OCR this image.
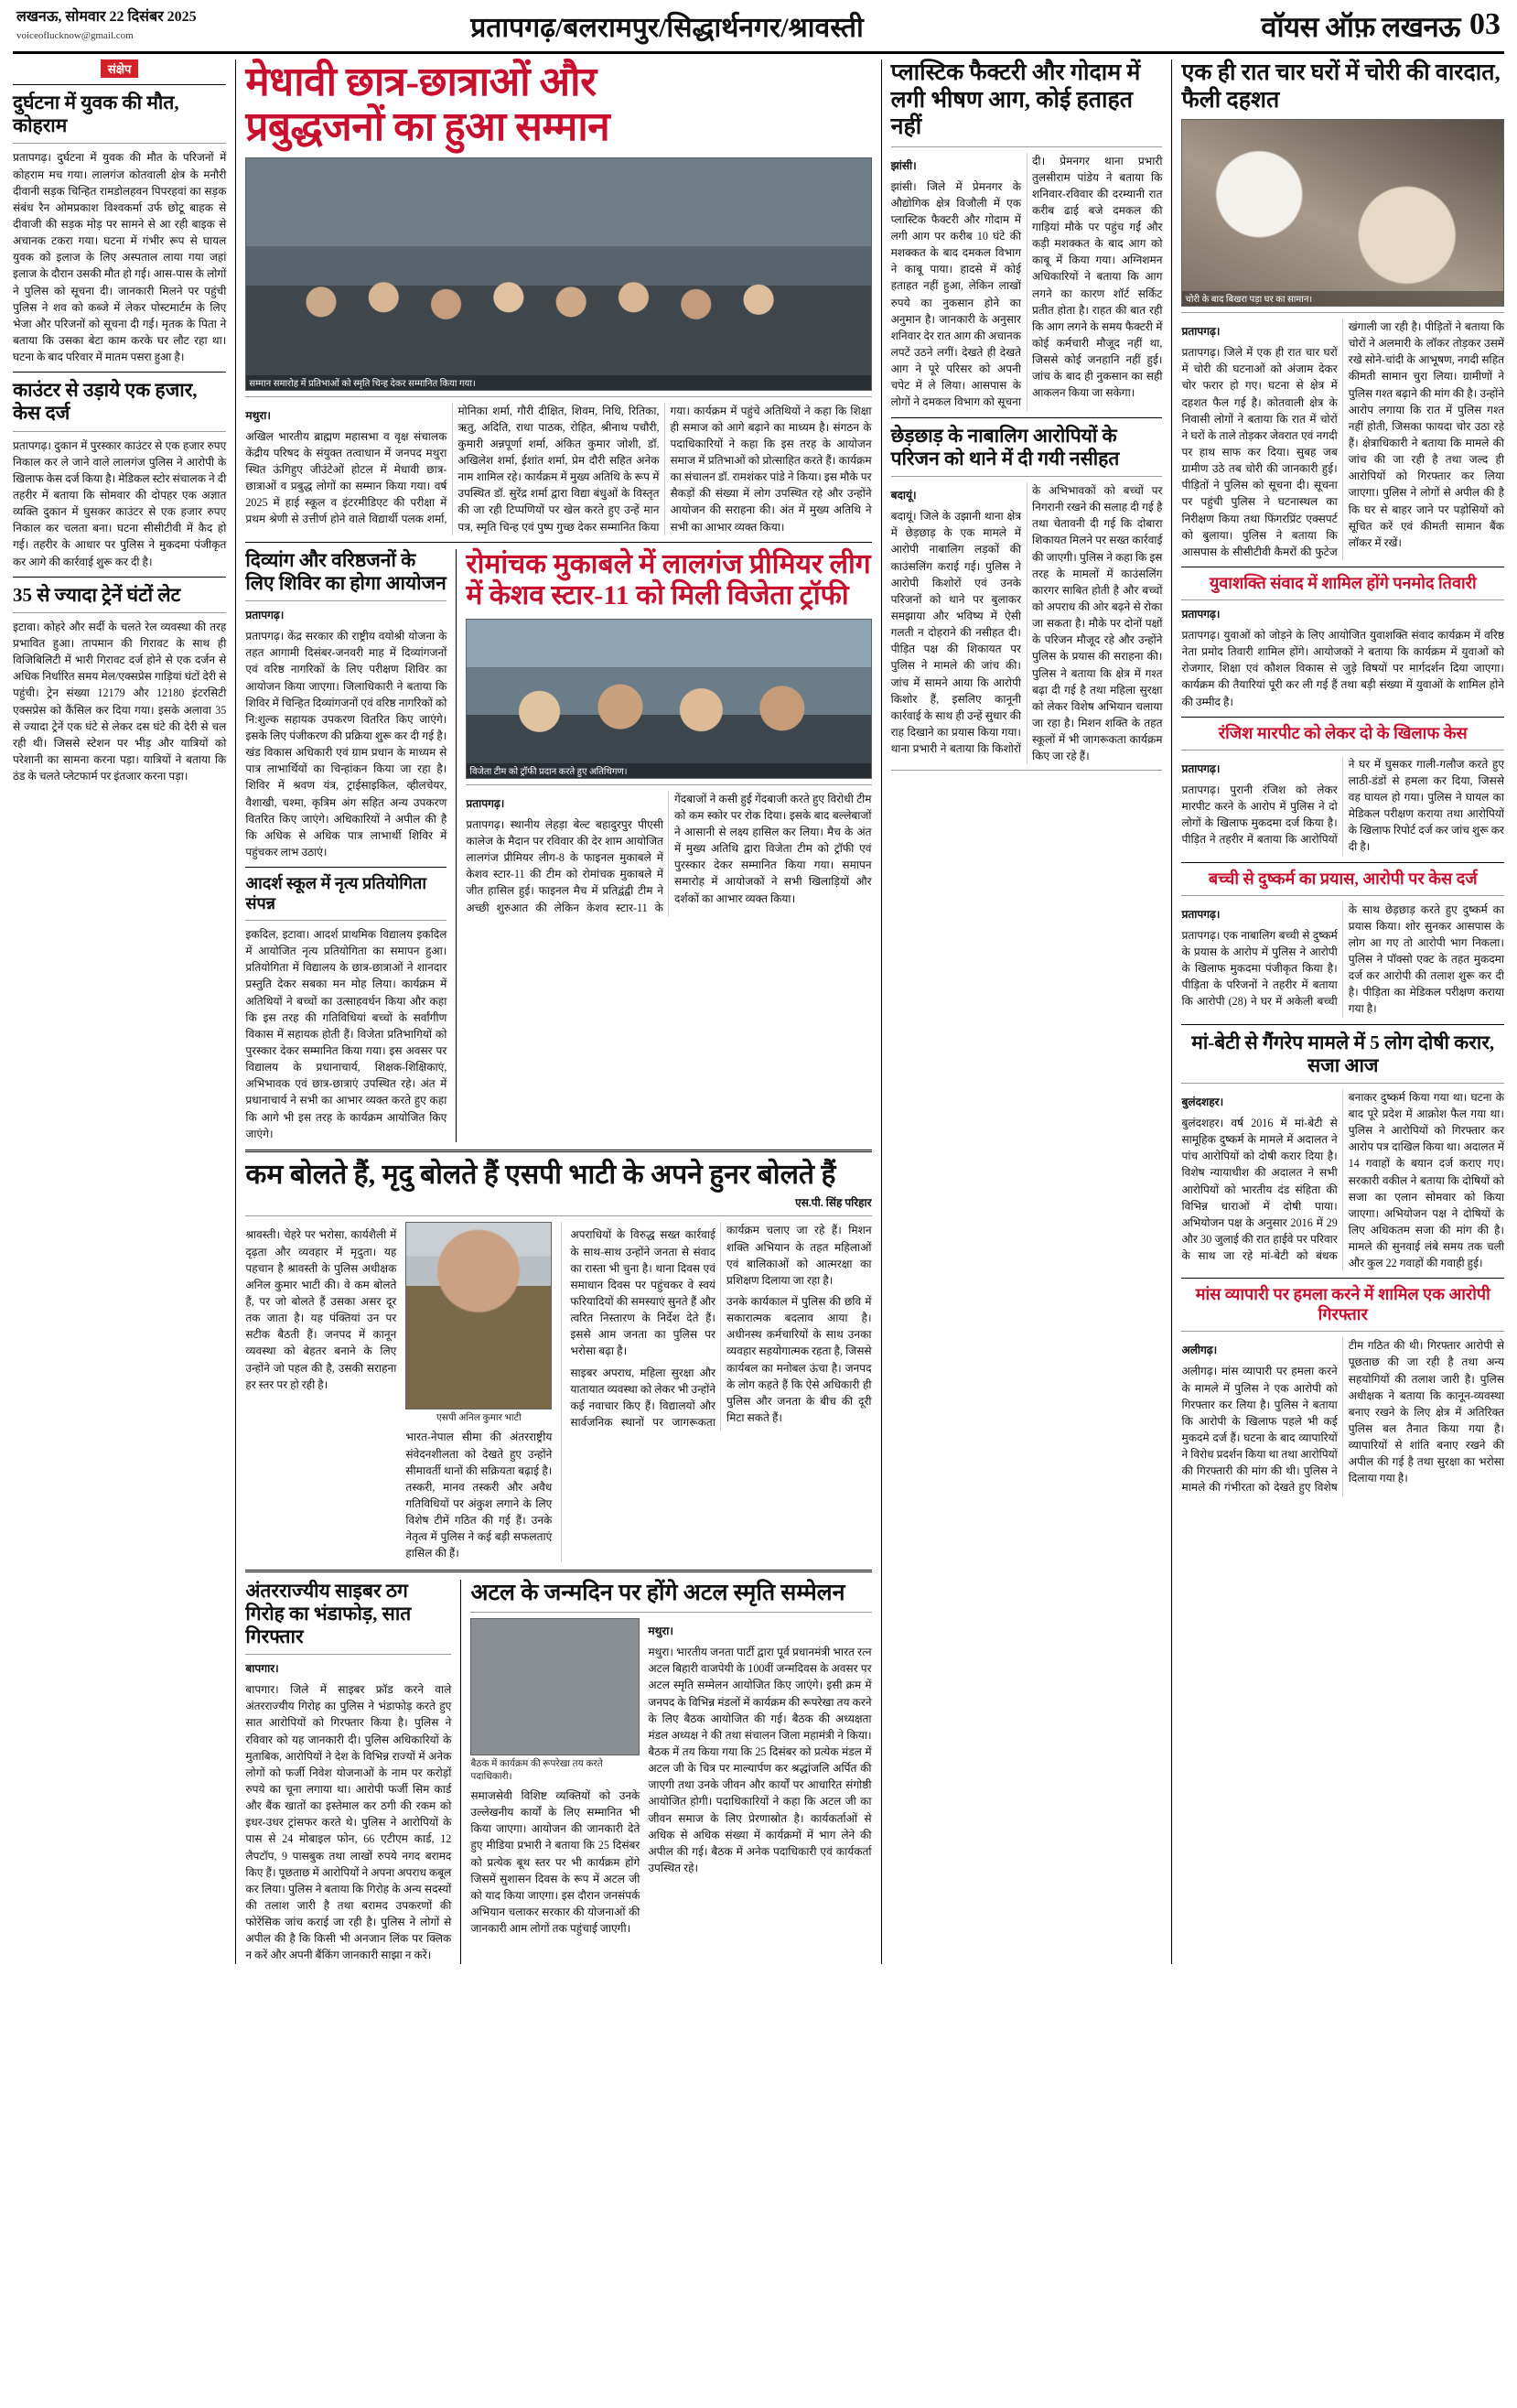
लखनऊ, सोमवार 22 दिसंबर 2025
voiceoflucknow@gmail.com	प्रतापगढ़/बलरामपुर/सिद्धार्थनगर/श्रावस्ती	वॉयस ऑफ़ लखनऊ 03
संक्षेप
दुर्घटना में युवक की मौत, कोहराम
प्रतापगढ़। दुर्घटना में युवक की मौत के परिजनों में कोहराम मच गया। लालगंज कोतवाली क्षेत्र के मनौरी दीवानी सड़क चिन्हित रामडोलहवन पिपरहवां का सड़क संबंध रैन ओमप्रकाश विश्वकर्मा उर्फ छोटू बाहक से दीवाजी की सड़क मोड़ पर सामने से आ रही बाइक से अचानक टकरा गया। घटना में गंभीर रूप से घायल युवक को इलाज के लिए अस्पताल लाया गया जहां इलाज के दौरान उसकी मौत हो गई। आस-पास के लोगों ने पुलिस को सूचना दी। जानकारी मिलने पर पहुंची पुलिस ने शव को कब्जे में लेकर पोस्टमार्टम के लिए भेजा और परिजनों को सूचना दी गई। मृतक के पिता ने बताया कि उसका बेटा काम करके घर लौट रहा था। घटना के बाद परिवार में मातम पसरा हुआ है।
काउंटर से उड़ाये एक हजार, केस दर्ज
प्रतापगढ़। दुकान में पुरस्कार काउंटर से एक हजार रुपए निकाल कर ले जाने वाले लालगंज पुलिस ने आरोपी के खिलाफ केस दर्ज किया है। मेडिकल स्टोर संचालक ने दी तहरीर में बताया कि सोमवार की दोपहर एक अज्ञात व्यक्ति दुकान में घुसकर काउंटर से एक हजार रुपए निकाल कर चलता बना। घटना सीसीटीवी में कैद हो गई। तहरीर के आधार पर पुलिस ने मुकदमा पंजीकृत कर आगे की कार्रवाई शुरू कर दी है।
35 से ज्यादा ट्रेनें घंटों लेट
इटावा। कोहरे और सर्दी के चलते रेल व्यवस्था की तरह प्रभावित हुआ। तापमान की गिरावट के साथ ही विजिबिलिटी में भारी गिरावट दर्ज होने से एक दर्जन से अधिक निर्धारित समय मेल/एक्सप्रेस गाड़ियां घंटों देरी से पहुंची। ट्रेन संख्या 12179 और 12180 इंटरसिटी एक्सप्रेस को कैंसिल कर दिया गया। इसके अलावा 35 से ज्यादा ट्रेनें एक घंटे से लेकर दस घंटे की देरी से चल रही थी। जिससे स्टेशन पर भीड़ और यात्रियों को परेशानी का सामना करना पड़ा। यात्रियों ने बताया कि ठंड के चलते प्लेटफार्म पर इंतजार करना पड़ा।
मेधावी छात्र-छात्राओं और
प्रबुद्धजनों का हुआ सम्मान
सम्मान समारोह में प्रतिभाओं को स्मृति चिन्ह देकर सम्मानित किया गया।
मथुरा।
अखिल भारतीय ब्राह्मण महासभा व वृक्ष संचालक केंद्रीय परिषद के संयुक्त तत्वाधान में जनपद मथुरा स्थित ऊंगिहुए जीउंटेओं होटल में मेधावी छात्र-छात्राओं व प्रबुद्ध लोगों का सम्मान किया गया। वर्ष 2025 में हाई स्कूल व इंटरमीडिएट की परीक्षा में प्रथम श्रेणी से उत्तीर्ण होने वाले विद्यार्थी पलक शर्मा, मोनिका शर्मा, गौरी दीक्षित, शिवम, निधि, रितिका, ऋतु, अदिति, राधा पाठक, रोहित, श्रीनाथ पचौरी, कुमारी अन्नपूर्णा शर्मा, अंकित कुमार जोशी, डॉ. अखिलेश शर्मा, ईशांत शर्मा, प्रेम दौरी सहित अनेक नाम शामिल रहे। कार्यक्रम में मुख्य अतिथि के रूप में उपस्थित डॉ. सुरेंद्र शर्मा द्वारा विद्या बंधुओं के विस्तृत की जा रही टिप्पणियों पर खेल करते हुए उन्हें मान पत्र, स्मृति चिन्ह एवं पुष्प गुच्छ देकर सम्मानित किया गया। कार्यक्रम में पहुंचे अतिथियों ने कहा कि शिक्षा ही समाज को आगे बढ़ाने का माध्यम है। संगठन के पदाधिकारियों ने कहा कि इस तरह के आयोजन समाज में प्रतिभाओं को प्रोत्साहित करते हैं। कार्यक्रम का संचालन डॉ. रामशंकर पांडे ने किया। इस मौके पर सैकड़ों की संख्या में लोग उपस्थित रहे और उन्होंने आयोजन की सराहना की। अंत में मुख्य अतिथि ने सभी का आभार व्यक्त किया।
दिव्यांग और वरिष्ठजनों के लिए शिविर का होगा आयोजन
प्रतापगढ़।
प्रतापगढ़। केंद्र सरकार की राष्ट्रीय वयोश्री योजना के तहत आगामी दिसंबर-जनवरी माह में दिव्यांगजनों एवं वरिष्ठ नागरिकों के लिए परीक्षण शिविर का आयोजन किया जाएगा। जिलाधिकारी ने बताया कि शिविर में चिन्हित दिव्यांगजनों एवं वरिष्ठ नागरिकों को नि:शुल्क सहायक उपकरण वितरित किए जाएंगे। इसके लिए पंजीकरण की प्रक्रिया शुरू कर दी गई है। खंड विकास अधिकारी एवं ग्राम प्रधान के माध्यम से पात्र लाभार्थियों का चिन्हांकन किया जा रहा है। शिविर में श्रवण यंत्र, ट्राईसाइकिल, व्हीलचेयर, वैशाखी, चश्मा, कृत्रिम अंग सहित अन्य उपकरण वितरित किए जाएंगे। अधिकारियों ने अपील की है कि अधिक से अधिक पात्र लाभार्थी शिविर में पहुंचकर लाभ उठाएं।
आदर्श स्कूल में नृत्य प्रतियोगिता संपन्न
इकदिल, इटावा। आदर्श प्राथमिक विद्यालय इकदिल में आयोजित नृत्य प्रतियोगिता का समापन हुआ। प्रतियोगिता में विद्यालय के छात्र-छात्राओं ने शानदार प्रस्तुति देकर सबका मन मोह लिया। कार्यक्रम में अतिथियों ने बच्चों का उत्साहवर्धन किया और कहा कि इस तरह की गतिविधियां बच्चों के सर्वांगीण विकास में सहायक होती हैं। विजेता प्रतिभागियों को पुरस्कार देकर सम्मानित किया गया। इस अवसर पर विद्यालय के प्रधानाचार्य, शिक्षक-शिक्षिकाएं, अभिभावक एवं छात्र-छात्राएं उपस्थित रहे। अंत में प्रधानाचार्य ने सभी का आभार व्यक्त करते हुए कहा कि आगे भी इस तरह के कार्यक्रम आयोजित किए जाएंगे।
रोमांचक मुकाबले में लालगंज प्रीमियर लीग
में केशव स्टार-11 को मिली विजेता ट्रॉफी
विजेता टीम को ट्रॉफी प्रदान करते हुए अतिथिगण।
प्रतापगढ़।
प्रतापगढ़। स्थानीय लेहड़ा बेल्ट बहादुरपुर पीएसी कालेज के मैदान पर रविवार की देर शाम आयोजित लालगंज प्रीमियर लीग-8 के फाइनल मुकाबले में केशव स्टार-11 की टीम को रोमांचक मुकाबले में जीत हासिल हुई। फाइनल मैच में प्रतिद्वंद्वी टीम ने अच्छी शुरुआत की लेकिन केशव स्टार-11 के गेंदबाजों ने कसी हुई गेंदबाजी करते हुए विरोधी टीम को कम स्कोर पर रोक दिया। इसके बाद बल्लेबाजों ने आसानी से लक्ष्य हासिल कर लिया। मैच के अंत में मुख्य अतिथि द्वारा विजेता टीम को ट्रॉफी एवं पुरस्कार देकर सम्मानित किया गया। समापन समारोह में आयोजकों ने सभी खिलाड़ियों और दर्शकों का आभार व्यक्त किया।
कम बोलते हैं, मृदु बोलते हैं एसपी भाटी के अपने हुनर बोलते हैं
एस.पी. सिंह परिहार
श्रावस्ती। चेहरे पर भरोसा, कार्यशैली में दृढ़ता और व्यवहार में मृदुता। यह पहचान है श्रावस्ती के पुलिस अधीक्षक अनिल कुमार भाटी की। वे कम बोलते हैं, पर जो बोलते हैं उसका असर दूर तक जाता है। यह पंक्तियां उन पर सटीक बैठती हैं। जनपद में कानून व्यवस्था को बेहतर बनाने के लिए उन्होंने जो पहल की है, उसकी सराहना हर स्तर पर हो रही है।
एसपी अनिल कुमार भाटी
भारत-नेपाल सीमा की अंतरराष्ट्रीय संवेदनशीलता को देखते हुए उन्होंने सीमावर्ती थानों की सक्रियता बढ़ाई है। तस्करी, मानव तस्करी और अवैध गतिविधियों पर अंकुश लगाने के लिए विशेष टीमें गठित की गई हैं। उनके नेतृत्व में पुलिस ने कई बड़ी सफलताएं हासिल की हैं।
अपराधियों के विरुद्ध सख्त कार्रवाई के साथ-साथ उन्होंने जनता से संवाद का रास्ता भी चुना है। थाना दिवस एवं समाधान दिवस पर पहुंचकर वे स्वयं फरियादियों की समस्याएं सुनते हैं और त्वरित निस्तारण के निर्देश देते हैं। इससे आम जनता का पुलिस पर भरोसा बढ़ा है।
साइबर अपराध, महिला सुरक्षा और यातायात व्यवस्था को लेकर भी उन्होंने कई नवाचार किए हैं। विद्यालयों और सार्वजनिक स्थानों पर जागरूकता कार्यक्रम चलाए जा रहे हैं। मिशन शक्ति अभियान के तहत महिलाओं एवं बालिकाओं को आत्मरक्षा का प्रशिक्षण दिलाया जा रहा है।
उनके कार्यकाल में पुलिस की छवि में सकारात्मक बदलाव आया है। अधीनस्थ कर्मचारियों के साथ उनका व्यवहार सहयोगात्मक रहता है, जिससे कार्यबल का मनोबल ऊंचा है। जनपद के लोग कहते हैं कि ऐसे अधिकारी ही पुलिस और जनता के बीच की दूरी मिटा सकते हैं।
अंतरराज्यीय साइबर ठग गिरोह का भंडाफोड़, सात गिरफ्तार
बापगार।
बापगार। जिले में साइबर फ्रॉड करने वाले अंतरराज्यीय गिरोह का पुलिस ने भंडाफोड़ करते हुए सात आरोपियों को गिरफ्तार किया है। पुलिस ने रविवार को यह जानकारी दी। पुलिस अधिकारियों के मुताबिक, आरोपियों ने देश के विभिन्न राज्यों में अनेक लोगों को फर्जी निवेश योजनाओं के नाम पर करोड़ों रुपये का चूना लगाया था। आरोपी फर्जी सिम कार्ड और बैंक खातों का इस्तेमाल कर ठगी की रकम को इधर-उधर ट्रांसफर करते थे। पुलिस ने आरोपियों के पास से 24 मोबाइल फोन, 66 एटीएम कार्ड, 12 लैपटॉप, 9 पासबुक तथा लाखों रुपये नगद बरामद किए हैं। पूछताछ में आरोपियों ने अपना अपराध कबूल कर लिया। पुलिस ने बताया कि गिरोह के अन्य सदस्यों की तलाश जारी है तथा बरामद उपकरणों की फोरेंसिक जांच कराई जा रही है। पुलिस ने लोगों से अपील की है कि किसी भी अनजान लिंक पर क्लिक न करें और अपनी बैंकिंग जानकारी साझा न करें।
अटल के जन्मदिन पर होंगे अटल स्मृति सम्मेलन
बैठक में कार्यक्रम की रूपरेखा तय करते पदाधिकारी।
समाजसेवी विशिष्ट व्यक्तियों को उनके उल्लेखनीय कार्यों के लिए सम्मानित भी किया जाएगा। आयोजन की जानकारी देते हुए मीडिया प्रभारी ने बताया कि 25 दिसंबर को प्रत्येक बूथ स्तर पर भी कार्यक्रम होंगे जिसमें सुशासन दिवस के रूप में अटल जी को याद किया जाएगा। इस दौरान जनसंपर्क अभियान चलाकर सरकार की योजनाओं की जानकारी आम लोगों तक पहुंचाई जाएगी।
मथुरा।
मथुरा। भारतीय जनता पार्टी द्वारा पूर्व प्रधानमंत्री भारत रत्न अटल बिहारी वाजपेयी के 100वीं जन्मदिवस के अवसर पर अटल स्मृति सम्मेलन आयोजित किए जाएंगे। इसी क्रम में जनपद के विभिन्न मंडलों में कार्यक्रम की रूपरेखा तय करने के लिए बैठक आयोजित की गई। बैठक की अध्यक्षता मंडल अध्यक्ष ने की तथा संचालन जिला महामंत्री ने किया। बैठक में तय किया गया कि 25 दिसंबर को प्रत्येक मंडल में अटल जी के चित्र पर माल्यार्पण कर श्रद्धांजलि अर्पित की जाएगी तथा उनके जीवन और कार्यों पर आधारित संगोष्ठी आयोजित होगी। पदाधिकारियों ने कहा कि अटल जी का जीवन समाज के लिए प्रेरणास्रोत है। कार्यकर्ताओं से अधिक से अधिक संख्या में कार्यक्रमों में भाग लेने की अपील की गई। बैठक में अनेक पदाधिकारी एवं कार्यकर्ता उपस्थित रहे।
प्लास्टिक फैक्टरी और गोदाम में लगी भीषण आग, कोई हताहत नहीं
झांसी।
झांसी। जिले में प्रेमनगर के औद्योगिक क्षेत्र विजौली में एक प्लास्टिक फैक्टरी और गोदाम में लगी आग पर करीब 10 घंटे की मशक्कत के बाद दमकल विभाग ने काबू पाया। हादसे में कोई हताहत नहीं हुआ, लेकिन लाखों रुपये का नुकसान होने का अनुमान है। जानकारी के अनुसार शनिवार देर रात आग की अचानक लपटें उठने लगीं। देखते ही देखते आग ने पूरे परिसर को अपनी चपेट में ले लिया। आसपास के लोगों ने दमकल विभाग को सूचना दी। प्रेमनगर थाना प्रभारी तुलसीराम पांडेय ने बताया कि शनिवार-रविवार की दरम्यानी रात करीब ढाई बजे दमकल की गाड़ियां मौके पर पहुंच गईं और कड़ी मशक्कत के बाद आग को काबू में किया गया। अग्निशमन अधिकारियों ने बताया कि आग लगने का कारण शॉर्ट सर्किट प्रतीत होता है। राहत की बात रही कि आग लगने के समय फैक्टरी में कोई कर्मचारी मौजूद नहीं था, जिससे कोई जनहानि नहीं हुई। जांच के बाद ही नुकसान का सही आकलन किया जा सकेगा।
छेड़छाड़ के नाबालिग आरोपियों के परिजन को थाने में दी गयी नसीहत
बदायूं।
बदायूं। जिले के उझानी थाना क्षेत्र में छेड़छाड़ के एक मामले में आरोपी नाबालिग लड़कों की काउंसलिंग कराई गई। पुलिस ने आरोपी किशोरों एवं उनके परिजनों को थाने पर बुलाकर समझाया और भविष्य में ऐसी गलती न दोहराने की नसीहत दी। पीड़ित पक्ष की शिकायत पर पुलिस ने मामले की जांच की। जांच में सामने आया कि आरोपी किशोर हैं, इसलिए कानूनी कार्रवाई के साथ ही उन्हें सुधार की राह दिखाने का प्रयास किया गया। थाना प्रभारी ने बताया कि किशोरों के अभिभावकों को बच्चों पर निगरानी रखने की सलाह दी गई है तथा चेतावनी दी गई कि दोबारा शिकायत मिलने पर सख्त कार्रवाई की जाएगी। पुलिस ने कहा कि इस तरह के मामलों में काउंसलिंग कारगर साबित होती है और बच्चों को अपराध की ओर बढ़ने से रोका जा सकता है। मौके पर दोनों पक्षों के परिजन मौजूद रहे और उन्होंने पुलिस के प्रयास की सराहना की। पुलिस ने बताया कि क्षेत्र में गश्त बढ़ा दी गई है तथा महिला सुरक्षा को लेकर विशेष अभियान चलाया जा रहा है। मिशन शक्ति के तहत स्कूलों में भी जागरूकता कार्यक्रम किए जा रहे हैं।
एक ही रात चार घरों में चोरी की वारदात, फैली दहशत
चोरी के बाद बिखरा पड़ा घर का सामान।
प्रतापगढ़।
प्रतापगढ़। जिले में एक ही रात चार घरों में चोरी की घटनाओं को अंजाम देकर चोर फरार हो गए। घटना से क्षेत्र में दहशत फैल गई है। कोतवाली क्षेत्र के निवासी लोगों ने बताया कि रात में चोरों ने घरों के ताले तोड़कर जेवरात एवं नगदी पर हाथ साफ कर दिया। सुबह जब ग्रामीण उठे तब चोरी की जानकारी हुई। पीड़ितों ने पुलिस को सूचना दी। सूचना पर पहुंची पुलिस ने घटनास्थल का निरीक्षण किया तथा फिंगरप्रिंट एक्सपर्ट को बुलाया। पुलिस ने बताया कि आसपास के सीसीटीवी कैमरों की फुटेज खंगाली जा रही है। पीड़ितों ने बताया कि चोरों ने अलमारी के लॉकर तोड़कर उसमें रखे सोने-चांदी के आभूषण, नगदी सहित कीमती सामान चुरा लिया। ग्रामीणों ने पुलिस गश्त बढ़ाने की मांग की है। उन्होंने आरोप लगाया कि रात में पुलिस गश्त नहीं होती, जिसका फायदा चोर उठा रहे हैं। क्षेत्राधिकारी ने बताया कि मामले की जांच की जा रही है तथा जल्द ही आरोपियों को गिरफ्तार कर लिया जाएगा। पुलिस ने लोगों से अपील की है कि घर से बाहर जाने पर पड़ोसियों को सूचित करें एवं कीमती सामान बैंक लॉकर में रखें।
युवाशक्ति संवाद में शामिल होंगे पनमोद तिवारी
प्रतापगढ़।
प्रतापगढ़। युवाओं को जोड़ने के लिए आयोजित युवाशक्ति संवाद कार्यक्रम में वरिष्ठ नेता प्रमोद तिवारी शामिल होंगे। आयोजकों ने बताया कि कार्यक्रम में युवाओं को रोजगार, शिक्षा एवं कौशल विकास से जुड़े विषयों पर मार्गदर्शन दिया जाएगा। कार्यक्रम की तैयारियां पूरी कर ली गई हैं तथा बड़ी संख्या में युवाओं के शामिल होने की उम्मीद है।
रंजिश मारपीट को लेकर दो के खिलाफ केस
प्रतापगढ़।
प्रतापगढ़। पुरानी रंजिश को लेकर मारपीट करने के आरोप में पुलिस ने दो लोगों के खिलाफ मुकदमा दर्ज किया है। पीड़ित ने तहरीर में बताया कि आरोपियों ने घर में घुसकर गाली-गलौज करते हुए लाठी-डंडों से हमला कर दिया, जिससे वह घायल हो गया। पुलिस ने घायल का मेडिकल परीक्षण कराया तथा आरोपियों के खिलाफ रिपोर्ट दर्ज कर जांच शुरू कर दी है।
बच्ची से दुष्कर्म का प्रयास, आरोपी पर केस दर्ज
प्रतापगढ़।
प्रतापगढ़। एक नाबालिग बच्ची से दुष्कर्म के प्रयास के आरोप में पुलिस ने आरोपी के खिलाफ मुकदमा पंजीकृत किया है। पीड़िता के परिजनों ने तहरीर में बताया कि आरोपी (28) ने घर में अकेली बच्ची के साथ छेड़छाड़ करते हुए दुष्कर्म का प्रयास किया। शोर सुनकर आसपास के लोग आ गए तो आरोपी भाग निकला। पुलिस ने पॉक्सो एक्ट के तहत मुकदमा दर्ज कर आरोपी की तलाश शुरू कर दी है। पीड़िता का मेडिकल परीक्षण कराया गया है।
मां-बेटी से गैंगरेप मामले में 5 लोग दोषी करार, सजा आज
बुलंदशहर।
बुलंदशहर। वर्ष 2016 में मां-बेटी से सामूहिक दुष्कर्म के मामले में अदालत ने पांच आरोपियों को दोषी करार दिया है। विशेष न्यायाधीश की अदालत ने सभी आरोपियों को भारतीय दंड संहिता की विभिन्न धाराओं में दोषी पाया। अभियोजन पक्ष के अनुसार 2016 में 29 और 30 जुलाई की रात हाईवे पर परिवार के साथ जा रहे मां-बेटी को बंधक बनाकर दुष्कर्म किया गया था। घटना के बाद पूरे प्रदेश में आक्रोश फैल गया था। पुलिस ने आरोपियों को गिरफ्तार कर आरोप पत्र दाखिल किया था। अदालत में 14 गवाहों के बयान दर्ज कराए गए। सरकारी वकील ने बताया कि दोषियों को सजा का एलान सोमवार को किया जाएगा। अभियोजन पक्ष ने दोषियों के लिए अधिकतम सजा की मांग की है। मामले की सुनवाई लंबे समय तक चली और कुल 22 गवाहों की गवाही हुई।
मांस व्यापारी पर हमला करने में शामिल एक आरोपी गिरफ्तार
अलीगढ़।
अलीगढ़। मांस व्यापारी पर हमला करने के मामले में पुलिस ने एक आरोपी को गिरफ्तार कर लिया है। पुलिस ने बताया कि आरोपी के खिलाफ पहले भी कई मुकदमे दर्ज हैं। घटना के बाद व्यापारियों ने विरोध प्रदर्शन किया था तथा आरोपियों की गिरफ्तारी की मांग की थी। पुलिस ने मामले की गंभीरता को देखते हुए विशेष टीम गठित की थी। गिरफ्तार आरोपी से पूछताछ की जा रही है तथा अन्य सहयोगियों की तलाश जारी है। पुलिस अधीक्षक ने बताया कि कानून-व्यवस्था बनाए रखने के लिए क्षेत्र में अतिरिक्त पुलिस बल तैनात किया गया है। व्यापारियों से शांति बनाए रखने की अपील की गई है तथा सुरक्षा का भरोसा दिलाया गया है।
